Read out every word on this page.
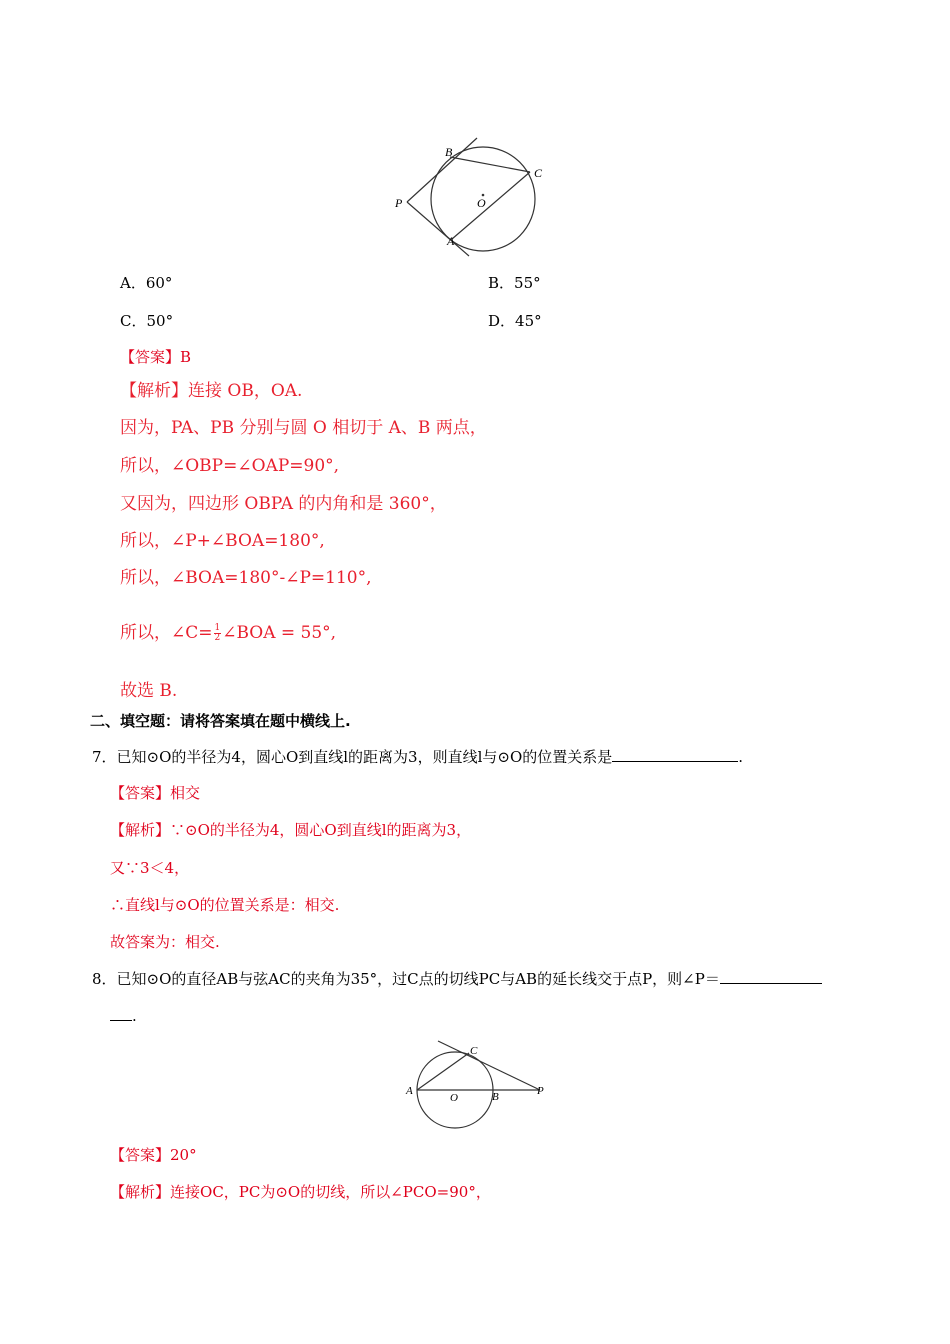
B
C
P	O
A
A．60°	B．55°
C．50°	D．45°
【答案】B
【解析】连接 OB，OA.
因为，PA、PB 分别与圆 O 相切于 A、B 两点，
所以，∠OBP=∠OAP=90°,
又因为，四边形 OBPA 的内角和是 360°，
所以，∠P+∠BOA=180°,
所以，∠BOA=180°-∠P=110°,
所以，∠C= $\frac{1}{2}$ ∠BOA = 55°,
故选 B.
二、填空题：请将答案填在题中横线上.
7．已知⊙O的半径为4，圆心O到直线l的距离为3，则直线l与⊙O的位置关系是	.
【答案】相交
【解析】∵⊙O的半径为4，圆心O到直线l的距离为3，
又∵3＜4，
∴直线l与⊙O的位置关系是：相交.
故答案为：相交.
8．已知⊙O的直径AB与弦AC的夹角为35°，过C点的切线PC与AB的延长线交于点P，则∠P＝
.
C
A
O	B	P
【答案】20°
【解析】连接OC，PC为⊙O的切线，所以∠PCO=90°，
